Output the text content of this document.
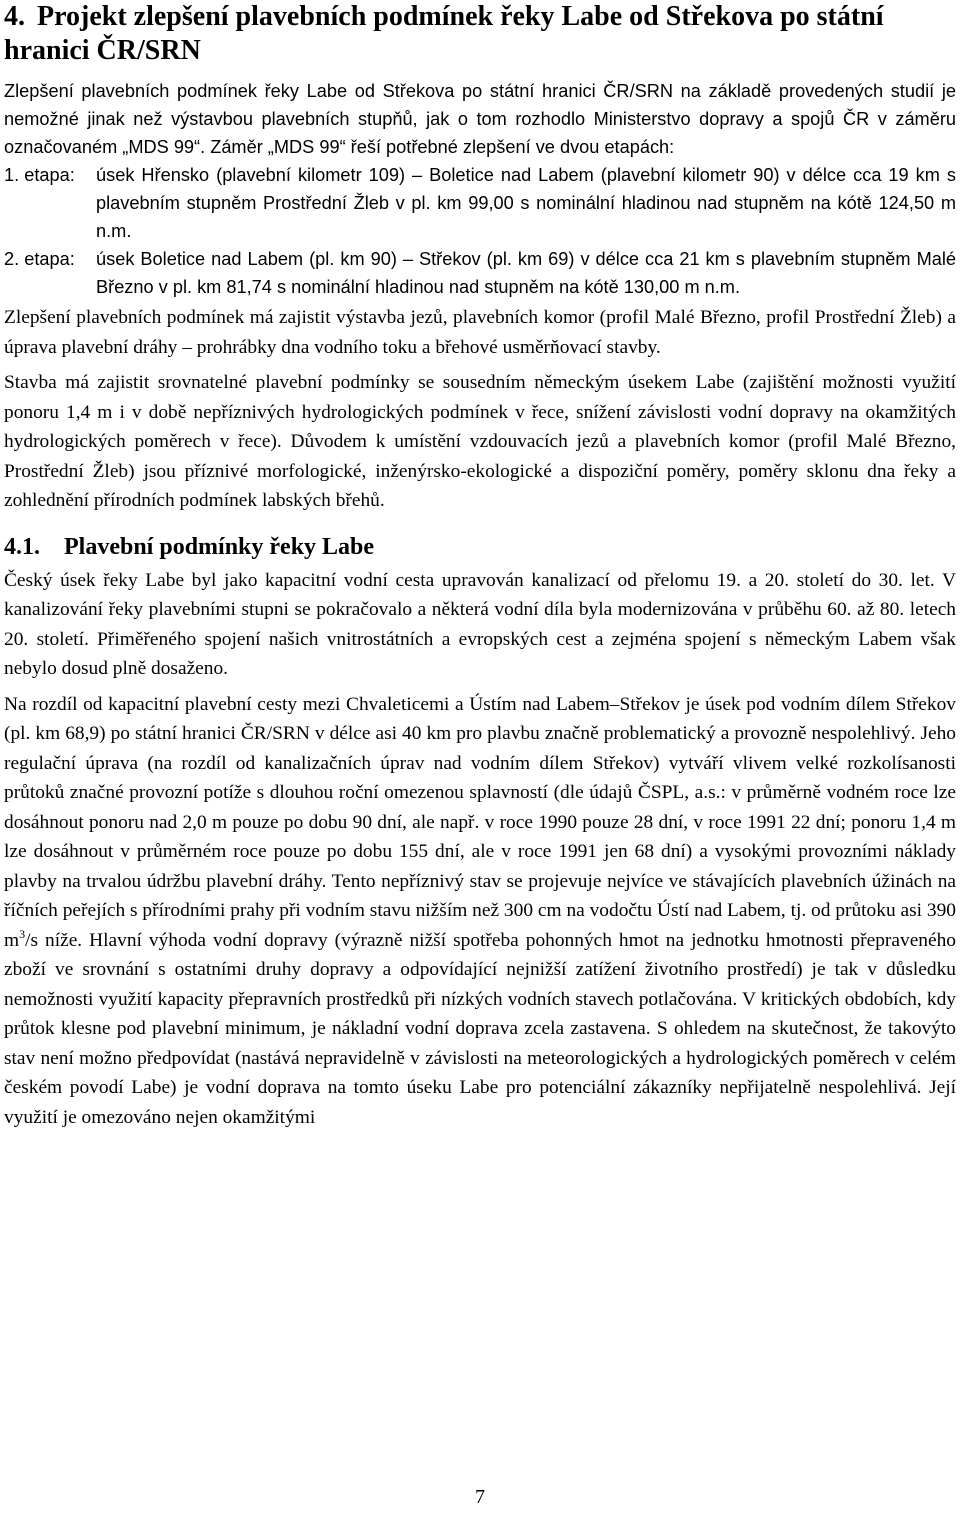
4. Projekt zlepšení plavebních podmínek řeky Labe od Střekova po státní hranici ČR/SRN

Zlepšení plavebních podmínek řeky Labe od Střekova po státní hranici ČR/SRN na základě provedených studií je nemožné jinak než výstavbou plavebních stupňů, jak o tom rozhodlo Ministerstvo dopravy a spojů ČR v záměru označovaném „MDS 99“. Záměr „MDS 99“ řeší potřebné zlepšení ve dvou etapách:

1. etapa: úsek Hřensko (plavební kilometr 109) – Boletice nad Labem (plavební kilometr 90) v délce cca 19 km s plavebním stupněm Prostřední Žleb v pl. km 99,00 s nominální hladinou nad stupněm na kótě 124,50 m n.m.

2. etapa: úsek Boletice nad Labem (pl. km 90) – Střekov (pl. km 69) v délce cca 21 km s plavebním stupněm Malé Březno v pl. km 81,74 s nominální hladinou nad stupněm na kótě 130,00 m n.m.

Zlepšení plavebních podmínek má zajistit výstavba jezů, plavebních komor (profil Malé Březno, profil Prostřední Žleb) a úprava plavební dráhy – prohrábky dna vodního toku a břehové usměrňovací stavby.

Stavba má zajistit srovnatelné plavební podmínky se sousedním německým úsekem Labe (zajištění možnosti využití ponoru 1,4 m i v době nepříznivých hydrologických podmínek v řece, snížení závislosti vodní dopravy na okamžitých hydrologických poměrech v řece). Důvodem k umístění vzdouvacích jezů a plavebních komor (profil Malé Březno, Prostřední Žleb) jsou příznivé morfologické, inženýrsko-ekologické a dispoziční poměry, poměry sklonu dna řeky a zohlednění přírodních podmínek labských břehů.

4.1. Plavební podmínky řeky Labe

Český úsek řeky Labe byl jako kapacitní vodní cesta upravován kanalizací od přelomu 19. a 20. století do 30. let. V kanalizování řeky plavebními stupni se pokračovalo a některá vodní díla byla modernizována v průběhu 60. až 80. letech 20. století. Přiměřeného spojení našich vnitrostátních a evropských cest a zejména spojení s německým Labem však nebylo dosud plně dosaženo.

Na rozdíl od kapacitní plavební cesty mezi Chvaleticemi a Ústím nad Labem–Střekov je úsek pod vodním dílem Střekov (pl. km 68,9) po státní hranici ČR/SRN v délce asi 40 km pro plavbu značně problematický a provozně nespolehlivý. Jeho regulační úprava (na rozdíl od kanalizačních úprav nad vodním dílem Střekov) vytváří vlivem velké rozkolísanosti průtoků značné provozní potíže s dlouhou roční omezenou splavností (dle údajů ČSPL, a.s.: v průměrně vodném roce lze dosáhnout ponoru nad 2,0 m pouze po dobu 90 dní, ale např. v roce 1990 pouze 28 dní, v roce 1991 22 dní; ponoru 1,4 m lze dosáhnout v průměrném roce pouze po dobu 155 dní, ale v roce 1991 jen 68 dní) a vysokými provozními náklady plavby na trvalou údržbu plavební dráhy. Tento nepříznivý stav se projevuje nejvíce ve stávajících plavebních úžinách na říčních peřejích s přírodními prahy při vodním stavu nižším než 300 cm na vodočtu Ústí nad Labem, tj. od průtoku asi 390 $m^3/s$ níže. Hlavní výhoda vodní dopravy (výrazně nižší spotřeba pohonných hmot na jednotku hmotnosti přepraveného zboží ve srovnání s ostatními druhy dopravy a odpovídající nejnižší zatížení životního prostředí) je tak v důsledku nemožnosti využití kapacity přepravních prostředků při nízkých vodních stavech potlačována. V kritických obdobích, kdy průtok klesne pod plavební minimum, je nákladní vodní doprava zcela zastavena. S ohledem na skutečnost, že takovýto stav není možno předpovídat (nastává nepravidelně v závislosti na meteorologických a hydrologických poměrech v celém českém povodí Labe) je vodní doprava na tomto úseku Labe pro potenciální zákazníky nepřijatelně nespolehlivá. Její využití je omezováno nejen okamžitými

7
